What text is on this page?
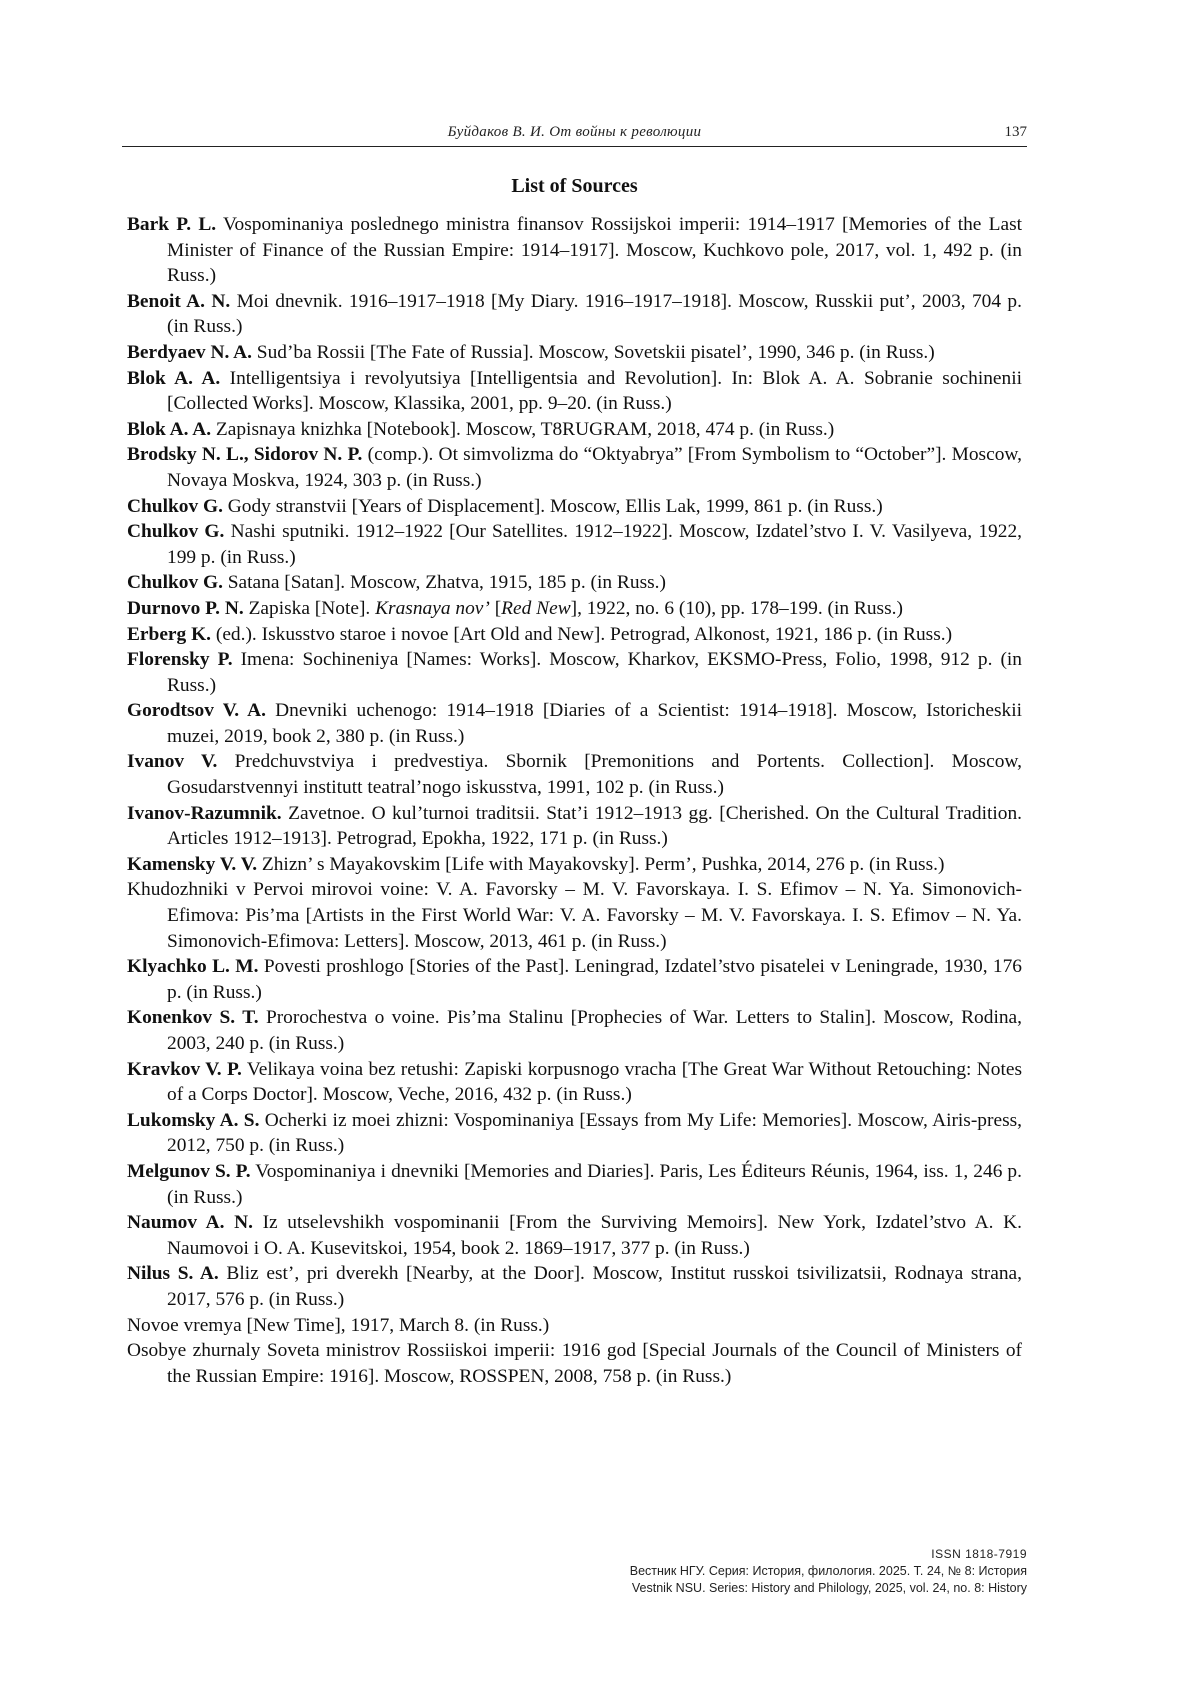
Буйдаков В. И. От войны к революции	137
List of Sources
Bark P. L. Vospominaniya poslednego ministra finansov Rossijskoi imperii: 1914–1917 [Memories of the Last Minister of Finance of the Russian Empire: 1914–1917]. Moscow, Kuchkovo pole, 2017, vol. 1, 492 p. (in Russ.)
Benoit A. N. Moi dnevnik. 1916–1917–1918 [My Diary. 1916–1917–1918]. Moscow, Russkii put’, 2003, 704 p. (in Russ.)
Berdyaev N. A. Sud’ba Rossii [The Fate of Russia]. Moscow, Sovetskii pisatel’, 1990, 346 p. (in Russ.)
Blok A. A. Intelligentsiya i revolyutsiya [Intelligentsia and Revolution]. In: Blok A. A. Sobranie sochinenii [Collected Works]. Moscow, Klassika, 2001, pp. 9–20. (in Russ.)
Blok A. A. Zapisnaya knizhka [Notebook]. Moscow, T8RUGRAM, 2018, 474 p. (in Russ.)
Brodsky N. L., Sidorov N. P. (comp.). Ot simvolizma do “Oktyabrya” [From Symbolism to “October”]. Moscow, Novaya Moskva, 1924, 303 p. (in Russ.)
Chulkov G. Gody stranstvii [Years of Displacement]. Moscow, Ellis Lak, 1999, 861 p. (in Russ.)
Chulkov G. Nashi sputniki. 1912–1922 [Our Satellites. 1912–1922]. Moscow, Izdatel’stvo I. V. Vasilyeva, 1922, 199 p. (in Russ.)
Chulkov G. Satana [Satan]. Moscow, Zhatva, 1915, 185 p. (in Russ.)
Durnovo P. N. Zapiska [Note]. Krasnaya nov’ [Red New], 1922, no. 6 (10), pp. 178–199. (in Russ.)
Erberg K. (ed.). Iskusstvo staroe i novoe [Art Old and New]. Petrograd, Alkonost, 1921, 186 p. (in Russ.)
Florensky P. Imena: Sochineniya [Names: Works]. Moscow, Kharkov, EKSMO-Press, Folio, 1998, 912 p. (in Russ.)
Gorodtsov V. A. Dnevniki uchenogo: 1914–1918 [Diaries of a Scientist: 1914–1918]. Moscow, Istoricheskii muzei, 2019, book 2, 380 p. (in Russ.)
Ivanov V. Predchuvstviya i predvestiya. Sbornik [Premonitions and Portents. Collection]. Moscow, Gosudarstvennyi institutt teatral’nogo iskusstva, 1991, 102 p. (in Russ.)
Ivanov-Razumnik. Zavetnoe. O kul’turnoi traditsii. Stat’i 1912–1913 gg. [Cherished. On the Cultural Tradition. Articles 1912–1913]. Petrograd, Epokha, 1922, 171 p. (in Russ.)
Kamensky V. V. Zhizn’ s Mayakovskim [Life with Mayakovsky]. Perm’, Pushka, 2014, 276 p. (in Russ.)
Khudozhniki v Pervoi mirovoi voine: V. A. Favorsky – M. V. Favorskaya. I. S. Efimov – N. Ya. Simonovich-Efimova: Pis’ma [Artists in the First World War: V. A. Favorsky – M. V. Favorskaya. I. S. Efimov – N. Ya. Simonovich-Efimova: Letters]. Moscow, 2013, 461 p. (in Russ.)
Klyachko L. M. Povesti proshlogo [Stories of the Past]. Leningrad, Izdatel’stvo pisatelei v Leningrade, 1930, 176 p. (in Russ.)
Konenkov S. T. Prorochestva o voine. Pis’ma Stalinu [Prophecies of War. Letters to Stalin]. Moscow, Rodina, 2003, 240 p. (in Russ.)
Kravkov V. P. Velikaya voina bez retushi: Zapiski korpusnogo vracha [The Great War Without Retouching: Notes of a Corps Doctor]. Moscow, Veche, 2016, 432 p. (in Russ.)
Lukomsky A. S. Ocherki iz moei zhizni: Vospominaniya [Essays from My Life: Memories]. Moscow, Airis-press, 2012, 750 p. (in Russ.)
Melgunov S. P. Vospominaniya i dnevniki [Memories and Diaries]. Paris, Les Éditeurs Réunis, 1964, iss. 1, 246 p. (in Russ.)
Naumov A. N. Iz utselevshikh vospominanii [From the Surviving Memoirs]. New York, Izdatel’stvo A. K. Naumovoi i O. A. Kusevitskoi, 1954, book 2. 1869–1917, 377 p. (in Russ.)
Nilus S. A. Bliz est’, pri dverekh [Nearby, at the Door]. Moscow, Institut russkoi tsivilizatsii, Rodnaya strana, 2017, 576 p. (in Russ.)
Novoe vremya [New Time], 1917, March 8. (in Russ.)
Osobye zhurnaly Soveta ministrov Rossiiskoi imperii: 1916 god [Special Journals of the Council of Ministers of the Russian Empire: 1916]. Moscow, ROSSPEN, 2008, 758 p. (in Russ.)
ISSN 1818-7919
Вестник НГУ. Серия: История, филология. 2025. Т. 24, № 8: История
Vestnik NSU. Series: History and Philology, 2025, vol. 24, no. 8: History
